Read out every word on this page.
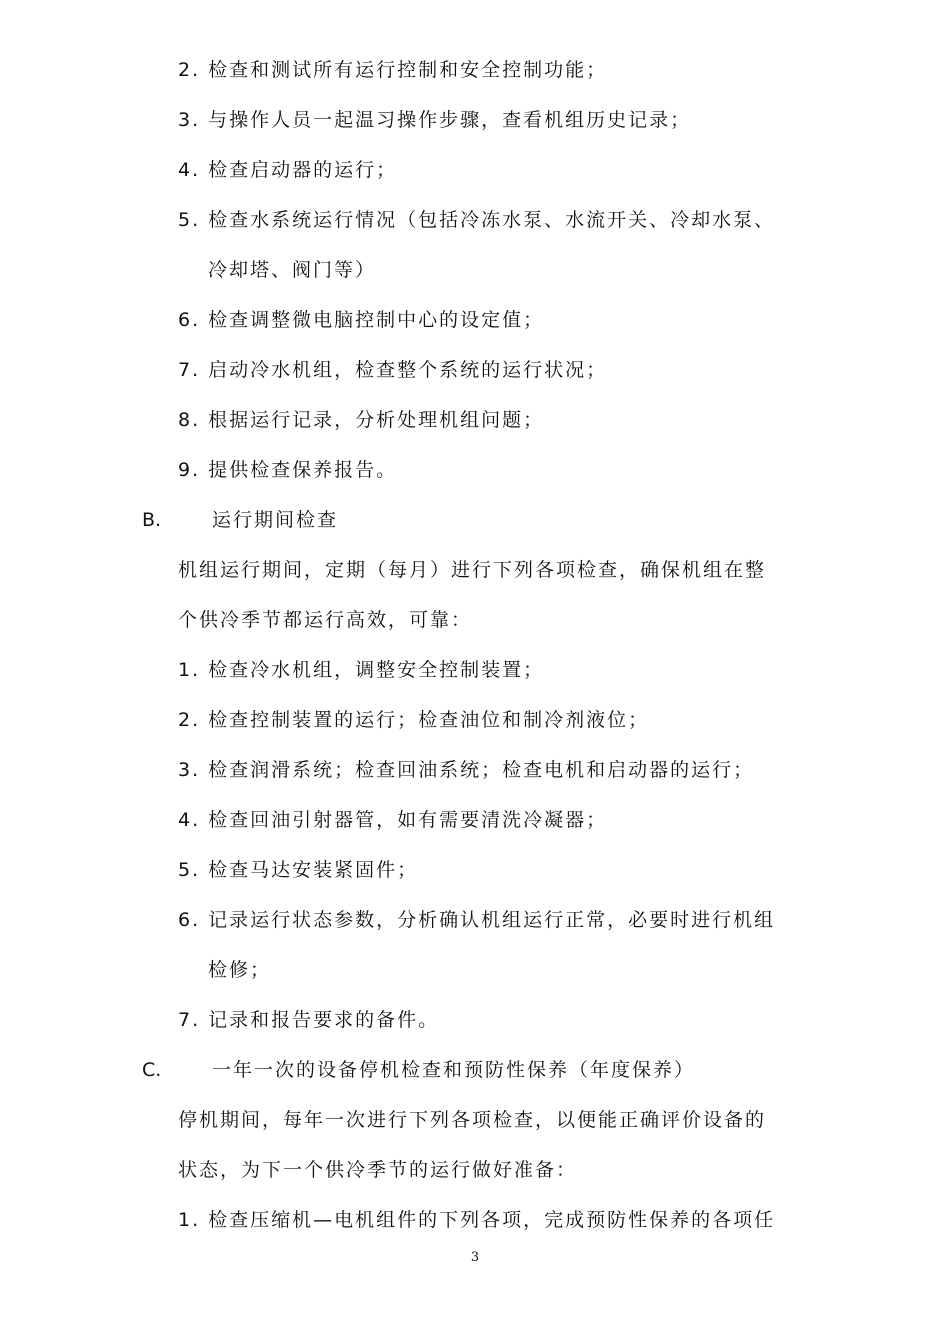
2. 检查和测试所有运行控制和安全控制功能；
3. 与操作人员一起温习操作步骤，查看机组历史记录；
4. 检查启动器的运行；
5. 检查水系统运行情况（包括冷冻水泵、水流开关、冷却水泵、
冷却塔、阀门等）
6. 检查调整微电脑控制中心的设定值；
7. 启动冷水机组，检查整个系统的运行状况；
8. 根据运行记录，分析处理机组问题；
9. 提供检查保养报告。
B.	运行期间检查
机组运行期间，定期（每月）进行下列各项检查，确保机组在整
个供冷季节都运行高效，可靠：
1. 检查冷水机组，调整安全控制装置；
2. 检查控制装置的运行；检查油位和制冷剂液位；
3. 检查润滑系统；检查回油系统；检查电机和启动器的运行；
4. 检查回油引射器管，如有需要清洗冷凝器；
5. 检查马达安装紧固件；
6. 记录运行状态参数，分析确认机组运行正常，必要时进行机组
检修；
7. 记录和报告要求的备件。
C.	一年一次的设备停机检查和预防性保养（年度保养）
停机期间，每年一次进行下列各项检查，以便能正确评价设备的
状态，为下一个供冷季节的运行做好准备：
1. 检查压缩机—电机组件的下列各项，完成预防性保养的各项任
3
